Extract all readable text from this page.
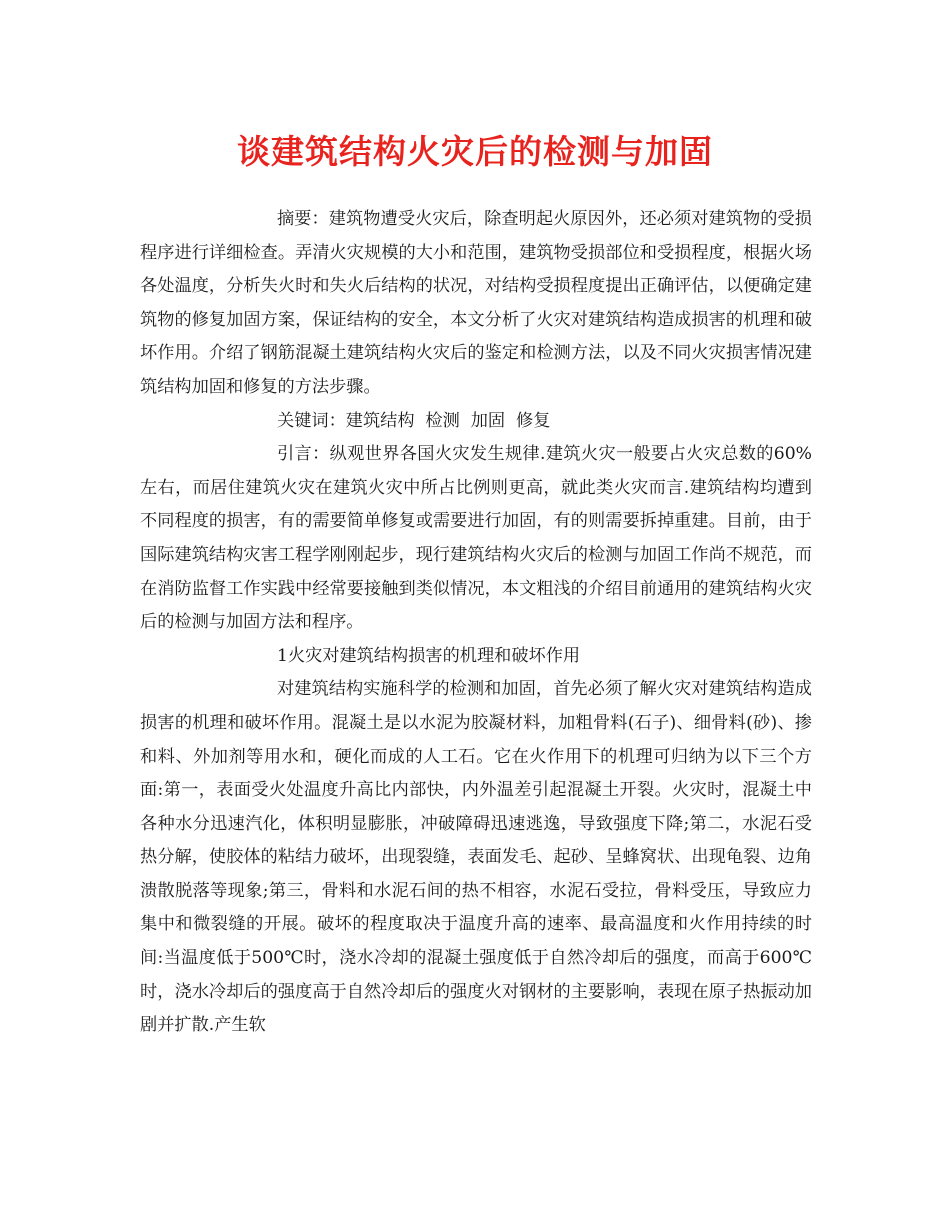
谈建筑结构火灾后的检测与加固

摘要：建筑物遭受火灾后，除查明起火原因外，还必须对建筑物的受损程序进行详细检查。弄清火灾规模的大小和范围，建筑物受损部位和受损程度，根据火场各处温度，分析失火时和失火后结构的状况，对结构受损程度提出正确评估，以便确定建筑物的修复加固方案，保证结构的安全，本文分析了火灾对建筑结构造成损害的机理和破坏作用。介绍了钢筋混凝土建筑结构火灾后的鉴定和检测方法，以及不同火灾损害情况建筑结构加固和修复的方法步骤。

关键词：建筑结构  检测  加固  修复

引言：纵观世界各国火灾发生规律.建筑火灾一般要占火灾总数的60%左右，而居住建筑火灾在建筑火灾中所占比例则更高，就此类火灾而言.建筑结构均遭到不同程度的损害，有的需要简单修复或需要进行加固，有的则需要拆掉重建。目前，由于国际建筑结构灾害工程学刚刚起步，现行建筑结构火灾后的检测与加固工作尚不规范，而在消防监督工作实践中经常要接触到类似情况，本文粗浅的介绍目前通用的建筑结构火灾后的检测与加固方法和程序。

1火灾对建筑结构损害的机理和破坏作用

对建筑结构实施科学的检测和加固，首先必须了解火灾对建筑结构造成损害的机理和破坏作用。混凝土是以水泥为胶凝材料，加粗骨料(石子)、细骨料(砂)、掺和料、外加剂等用水和，硬化而成的人工石。它在火作用下的机理可归纳为以下三个方面:第一，表面受火处温度升高比内部快，内外温差引起混凝土开裂。火灾时，混凝土中各种水分迅速汽化，体积明显膨胀，冲破障碍迅速逃逸，导致强度下降;第二，水泥石受热分解，使胶体的粘结力破坏，出现裂缝，表面发毛、起砂、呈蜂窝状、出现龟裂、边角溃散脱落等现象;第三，骨料和水泥石间的热不相容，水泥石受拉，骨料受压，导致应力集中和微裂缝的开展。破坏的程度取决于温度升高的速率、最高温度和火作用持续的时间:当温度低于500℃时，浇水冷却的混凝土强度低于自然冷却后的强度，而高于600℃时，浇水冷却后的强度高于自然冷却后的强度火对钢材的主要影响，表现在原子热振动加剧并扩散.产生软
